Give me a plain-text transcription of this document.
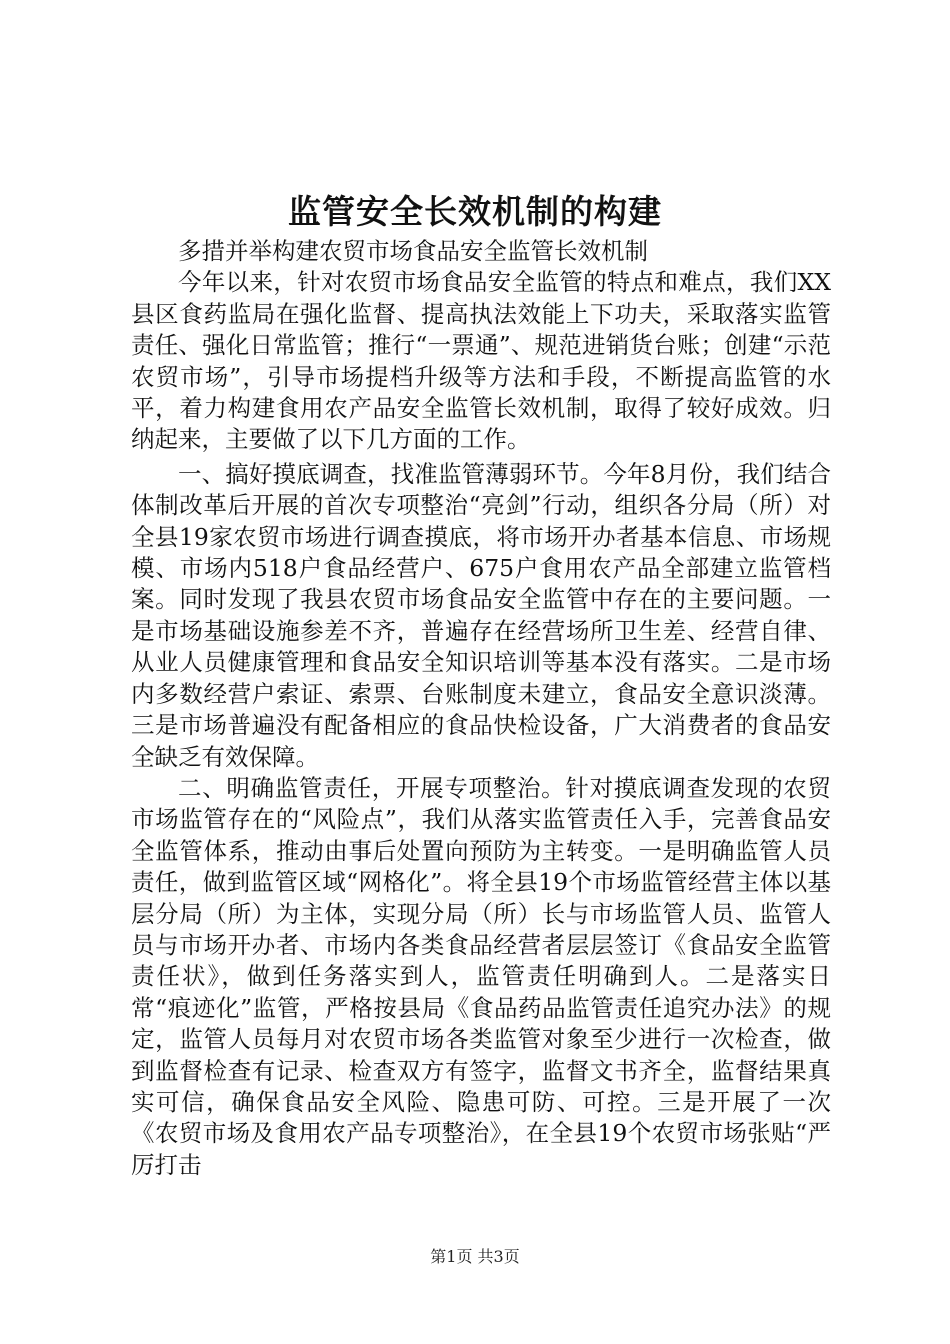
监管安全长效机制的构建

多措并举构建农贸市场食品安全监管长效机制

今年以来，针对农贸市场食品安全监管的特点和难点，我们XX县区食药监局在强化监督、提高执法效能上下功夫，采取落实监管责任、强化日常监管；推行“一票通”、规范进销货台账；创建“示范农贸市场”，引导市场提档升级等方法和手段，不断提高监管的水平，着力构建食用农产品安全监管长效机制，取得了较好成效。归纳起来，主要做了以下几方面的工作。

一、搞好摸底调查，找准监管薄弱环节。今年8月份，我们结合体制改革后开展的首次专项整治“亮剑”行动，组织各分局（所）对全县19家农贸市场进行调查摸底，将市场开办者基本信息、市场规模、市场内518户食品经营户、675户食用农产品全部建立监管档案。同时发现了我县农贸市场食品安全监管中存在的主要问题。一是市场基础设施参差不齐，普遍存在经营场所卫生差、经营自律、从业人员健康管理和食品安全知识培训等基本没有落实。二是市场内多数经营户索证、索票、台账制度未建立，食品安全意识淡薄。三是市场普遍没有配备相应的食品快检设备，广大消费者的食品安全缺乏有效保障。

二、明确监管责任，开展专项整治。针对摸底调查发现的农贸市场监管存在的“风险点”，我们从落实监管责任入手，完善食品安全监管体系，推动由事后处置向预防为主转变。一是明确监管人员责任，做到监管区域“网格化”。将全县19个市场监管经营主体以基层分局（所）为主体，实现分局（所）长与市场监管人员、监管人员与市场开办者、市场内各类食品经营者层层签订《食品安全监管责任状》，做到任务落实到人，监管责任明确到人。二是落实日常“痕迹化”监管，严格按县局《食品药品监管责任追究办法》的规定，监管人员每月对农贸市场各类监管对象至少进行一次检查，做到监督检查有记录、检查双方有签字，监督文书齐全，监督结果真实可信，确保食品安全风险、隐患可防、可控。三是开展了一次《农贸市场及食用农产品专项整治》，在全县19个农贸市场张贴“严厉打击

第1页 共3页
